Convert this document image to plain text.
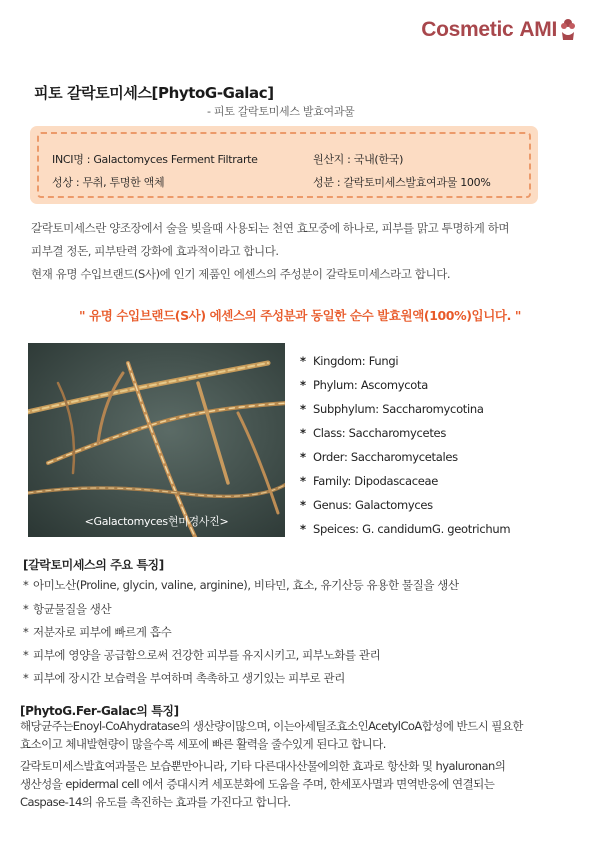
Cosmetic AMI
피토 갈락토미세스[PhytoG-Galac]
- 피토 갈락토미세스 발효여과물
INCI명 : Galactomyces Ferment Filtrarte	원산지 : 국내(한국)
성상 : 무취, 투명한 액체	성분 : 갈락토미세스발효여과물 100%
갈락토미세스란 양조장에서 술을 빚을때 사용되는 천연 효모중에 하나로, 피부를 맑고 투명하게 하며
피부결 정돈, 피부탄력 강화에 효과적이라고 합니다.
현재 유명 수입브랜드(S사)에 인기 제품인 에센스의 주성분이 갈락토미세스라고 합니다.
" 유명 수입브랜드(S사) 에센스의 주성분과 동일한 순수 발효원액(100%)입니다. "
<Galactomyces현미경사진>
* Kingdom: Fungi
* Phylum: Ascomycota
* Subphylum: Saccharomycotina
* Class: Saccharomycetes
* Order: Saccharomycetales
* Family: Dipodascaceae
* Genus: Galactomyces
* Speices: G. candidumG. geotrichum
[갈락토미세스의 주요 특징]
* 아미노산(Proline, glycin, valine, arginine), 비타민, 효소, 유기산등 유용한 물질을 생산
* 항균물질을 생산
* 저분자로 피부에 빠르게 흡수
* 피부에 영양을 공급함으로써 건강한 피부를 유지시키고, 피부노화를 관리
* 피부에 장시간 보습력을 부여하며 촉촉하고 생기있는 피부로 관리
[PhytoG.Fer-Galac의 특징]
해당균주는Enoyl-CoAhydratase의 생산량이많으며, 이는아세틸조효소인AcetylCoA합성에 반드시 필요한
효소이고 체내발현량이 많을수록 세포에 빠른 활력을 줄수있게 된다고 합니다.
갈락토미세스발효여과물은 보습뿐만아니라, 기타 다른대사산물에의한 효과로 항산화 및 hyaluronan의
생산성을 epidermal cell 에서 증대시켜 세포분화에 도움을 주며, 한세포사멸과 면역반응에 연결되는
Caspase-14의 유도를 촉진하는 효과를 가진다고 합니다.
